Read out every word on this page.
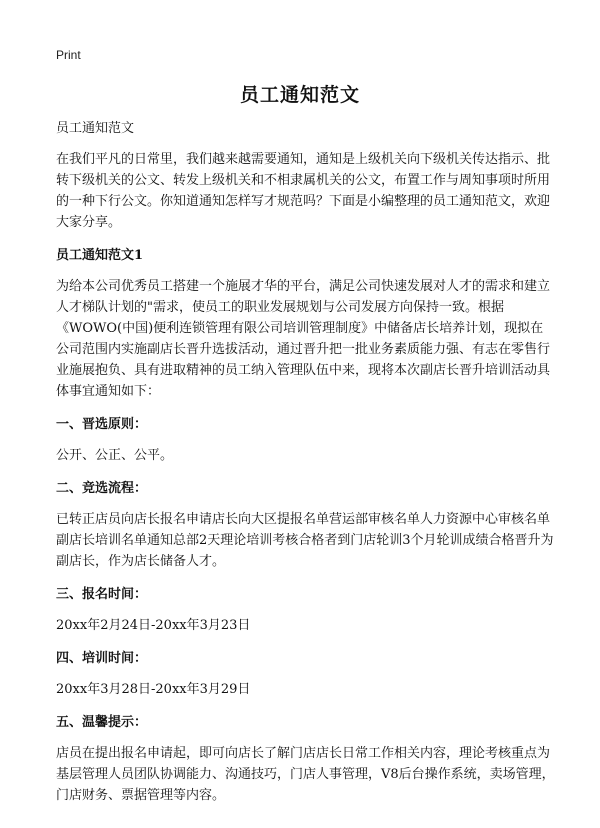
Print
员工通知范文

员工通知范文

在我们平凡的日常里，我们越来越需要通知，通知是上级机关向下级机关传达指示、批转下级机关的公文、转发上级机关和不相隶属机关的公文，布置工作与周知事项时所用的一种下行公文。你知道通知怎样写才规范吗？下面是小编整理的员工通知范文，欢迎大家分享。

员工通知范文1

为给本公司优秀员工搭建一个施展才华的平台，满足公司快速发展对人才的需求和建立人才梯队计划的"需求，使员工的职业发展规划与公司发展方向保持一致。根据《WOWO(中国)便利连锁管理有限公司培训管理制度》中储备店长培养计划，现拟在公司范围内实施副店长晋升选拔活动，通过晋升把一批业务素质能力强、有志在零售行业施展抱负、具有进取精神的员工纳入管理队伍中来，现将本次副店长晋升培训活动具体事宜通知如下：

一、晋选原则：

公开、公正、公平。

二、竞选流程：

已转正店员向店长报名申请店长向大区提报名单营运部审核名单人力资源中心审核名单副店长培训名单通知总部2天理论培训考核合格者到门店轮训3个月轮训成绩合格晋升为副店长，作为店长储备人才。

三、报名时间：

20xx年2月24日-20xx年3月23日

四、培训时间：

20xx年3月28日-20xx年3月29日

五、温馨提示：

店员在提出报名申请起，即可向店长了解门店店长日常工作相关内容，理论考核重点为基层管理人员团队协调能力、沟通技巧，门店人事管理，V8后台操作系统，卖场管理，门店财务、票据管理等内容。
